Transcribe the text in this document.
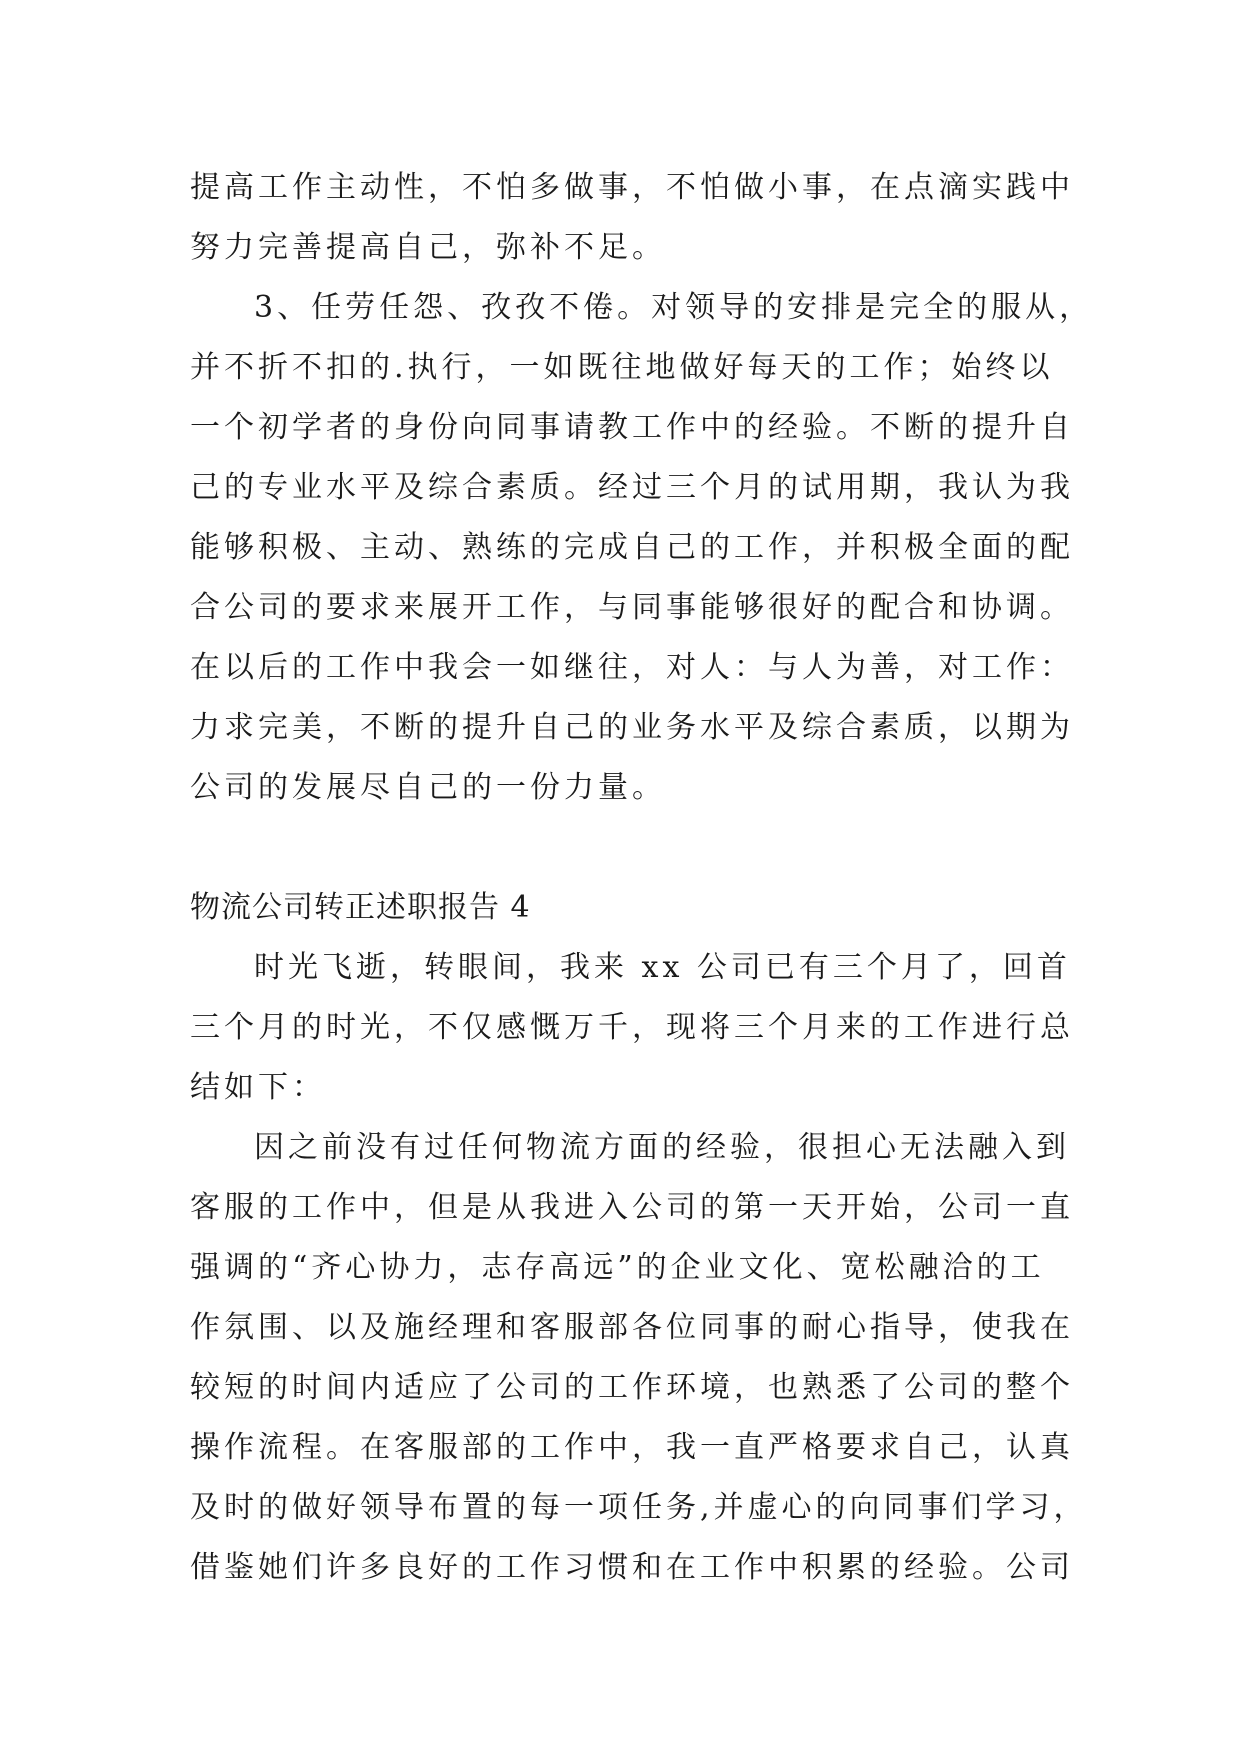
提高工作主动性，不怕多做事，不怕做小事，在点滴实践中

努力完善提高自己，弥补不足。

3、任劳任怨、孜孜不倦。对领导的安排是完全的服从，

并不折不扣的.执行，一如既往地做好每天的工作；始终以

一个初学者的身份向同事请教工作中的经验。不断的提升自

己的专业水平及综合素质。经过三个月的试用期，我认为我

能够积极、主动、熟练的完成自己的工作，并积极全面的配

合公司的要求来展开工作，与同事能够很好的配合和协调。

在以后的工作中我会一如继往，对人：与人为善，对工作：

力求完美，不断的提升自己的业务水平及综合素质，以期为

公司的发展尽自己的一份力量。

物流公司转正述职报告 4

时光飞逝，转眼间，我来 xx 公司已有三个月了，回首

三个月的时光，不仅感慨万千，现将三个月来的工作进行总

结如下：

因之前没有过任何物流方面的经验，很担心无法融入到

客服的工作中，但是从我进入公司的第一天开始，公司一直

强调的“齐心协力，志存高远”的企业文化、宽松融洽的工

作氛围、以及施经理和客服部各位同事的耐心指导，使我在

较短的时间内适应了公司的工作环境，也熟悉了公司的整个

操作流程。在客服部的工作中，我一直严格要求自己，认真

及时的做好领导布置的每一项任务,并虚心的向同事们学习，

借鉴她们许多良好的工作习惯和在工作中积累的经验。公司
